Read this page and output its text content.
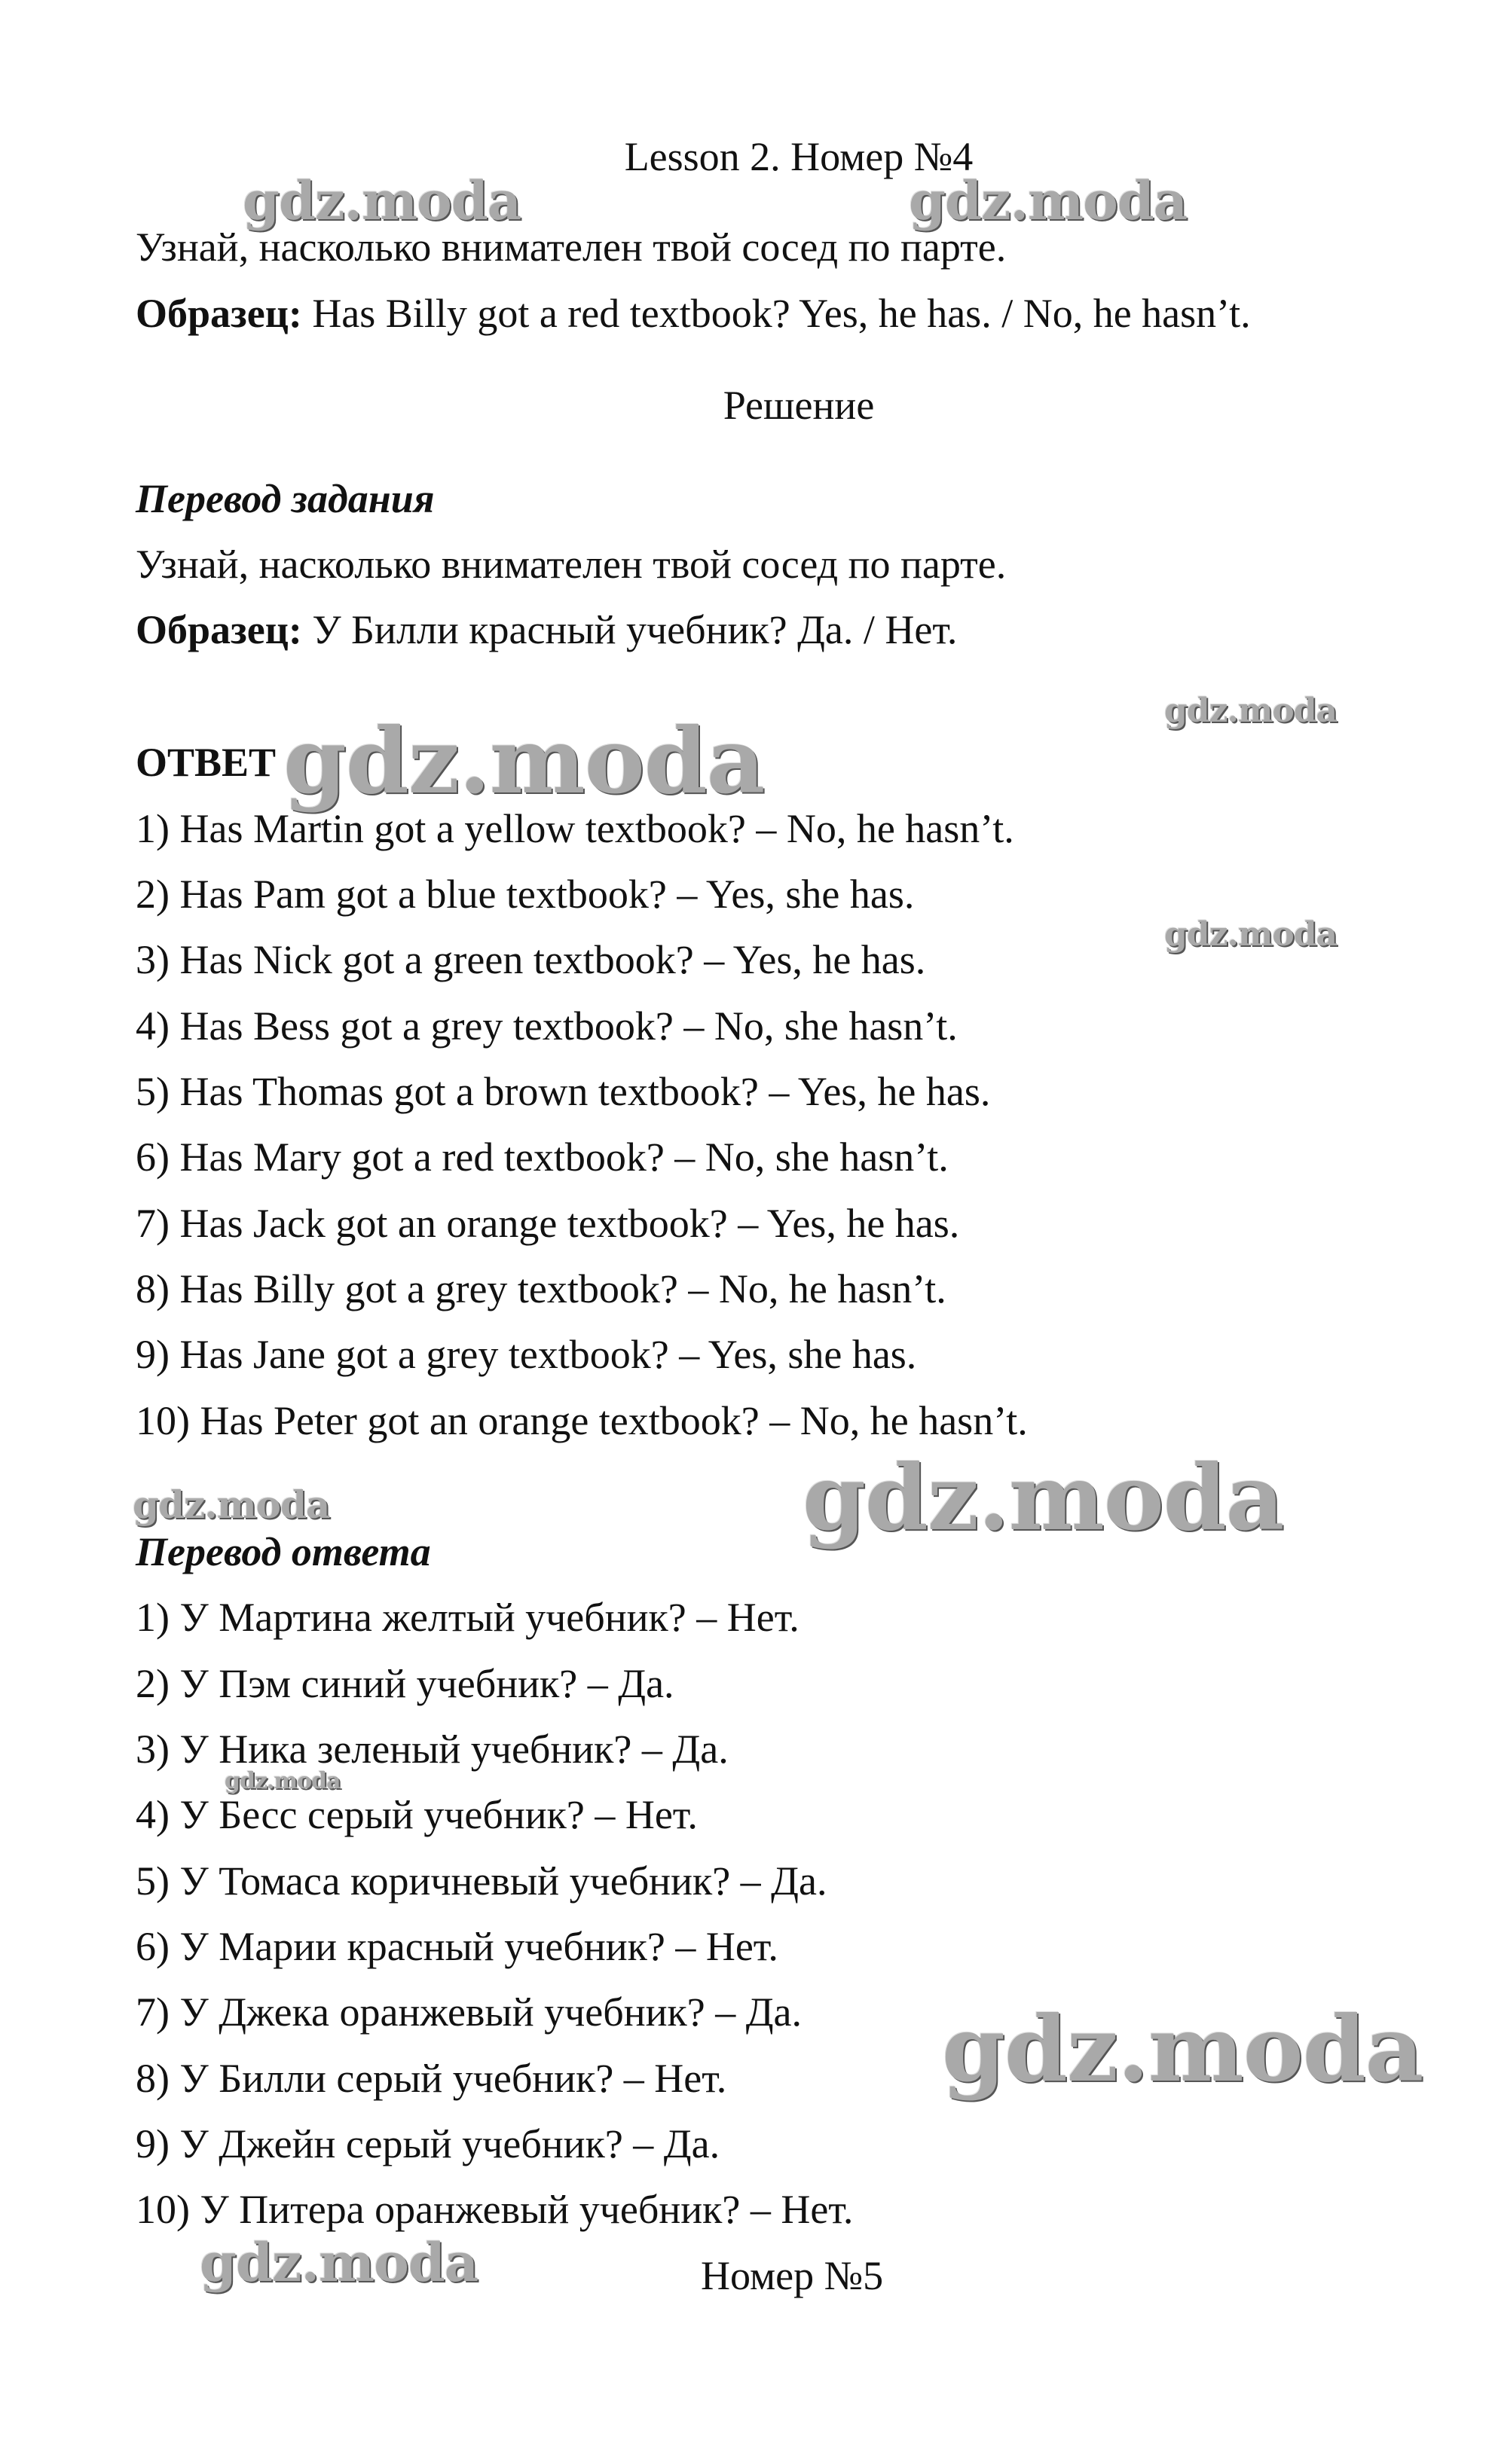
Lesson 2. Номер №4
Узнай, насколько внимателен твой сосед по парте.
Образец: Has Billy got a red textbook? Yes, he has. / No, he hasn’t.
Решение
Перевод задания
Узнай, насколько внимателен твой сосед по парте.
Образец: У Билли красный учебник? Да. / Нет.
ОТВЕТ
1) Has Martin got a yellow textbook? – No, he hasn’t.
2) Has Pam got a blue textbook? – Yes, she has.
3) Has Nick got a green textbook? – Yes, he has.
4) Has Bess got a grey textbook? – No, she hasn’t.
5) Has Thomas got a brown textbook? – Yes, he has.
6) Has Mary got a red textbook? – No, she hasn’t.
7) Has Jack got an orange textbook? – Yes, he has.
8) Has Billy got a grey textbook? – No, he hasn’t.
9) Has Jane got a grey textbook? – Yes, she has.
10) Has Peter got an orange textbook? – No, he hasn’t.
Перевод ответа
1) У Мартина желтый учебник? – Нет.
2) У Пэм синий учебник? – Да.
3) У Ника зеленый учебник? – Да.
4) У Бесс серый учебник? – Нет.
5) У Томаса коричневый учебник? – Да.
6) У Марии красный учебник? – Нет.
7) У Джека оранжевый учебник? – Да.
8) У Билли серый учебник? – Нет.
9) У Джейн серый учебник? – Да.
10) У Питера оранжевый учебник? – Нет.
Номер №5
gdz.moda	gdz.moda
gdz.moda	gdz.moda
gdz.moda
gdz.moda
gdz.moda
gdz.moda
gdz.moda
gdz.moda
